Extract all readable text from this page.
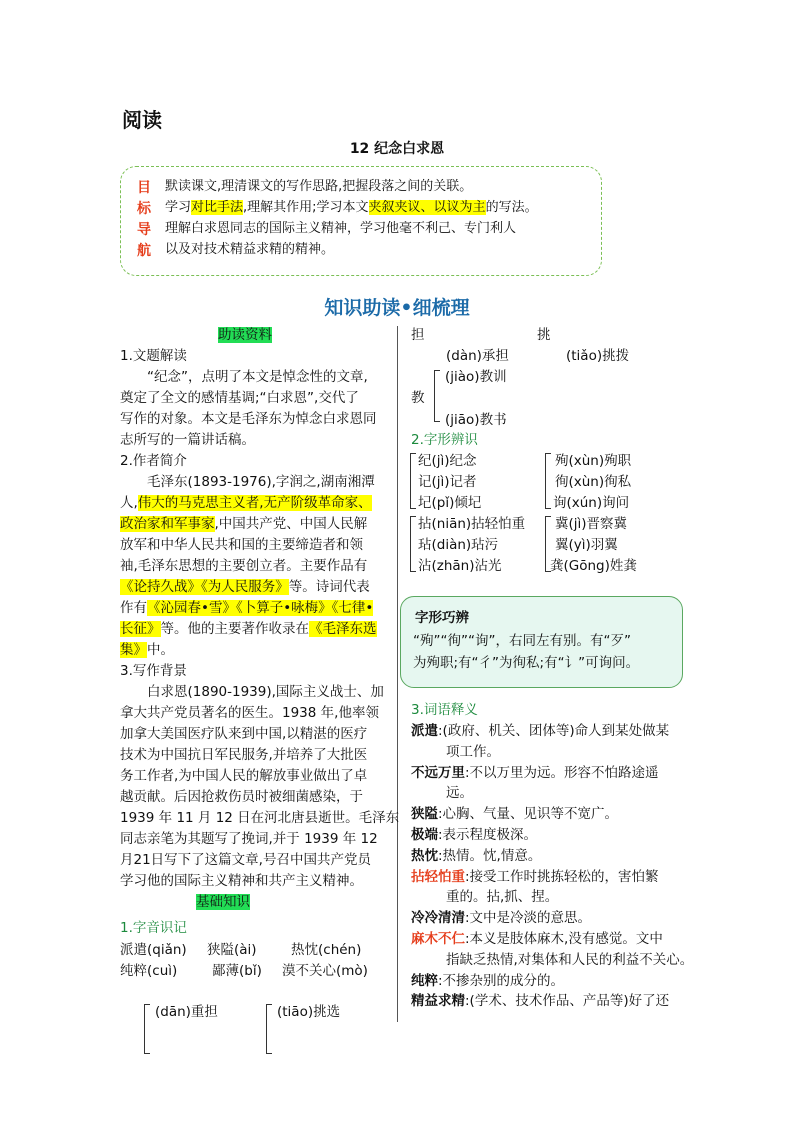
阅读
12 纪念白求恩
目
标
导
航
默读课文,理清课文的写作思路,把握段落之间的关联。
学习对比手法,理解其作用;学习本文夹叙夹议、以议为主的写法。
理解白求恩同志的国际主义精神，学习他毫不利己、专门利人
以及对技术精益求精的精神。
知识助读•细梳理
助读资料
1.文题解读
“纪念”，点明了本文是悼念性的文章,
奠定了全文的感情基调;“白求恩”,交代了
写作的对象。本文是毛泽东为悼念白求恩同
志所写的一篇讲话稿。
2.作者简介
毛泽东(1893-1976),字润之,湖南湘潭
人,伟大的马克思主义者,无产阶级革命家、
政治家和军事家,中国共产党、中国人民解
放军和中华人民共和国的主要缔造者和领
袖,毛泽东思想的主要创立者。主要作品有
《论持久战》《为人民服务》等。诗词代表
作有《沁园春•雪》《卜算子•咏梅》《七律•
长征》等。他的主要著作收录在《毛泽东选
集》中。
3.写作背景
白求恩(1890-1939),国际主义战士、加
拿大共产党员著名的医生。1938 年,他率领
加拿大美国医疗队来到中国,以精湛的医疗
技术为中国抗日军民服务,并培养了大批医
务工作者,为中国人民的解放事业做出了卓
越贡献。后因抢救伤员时被细菌感染，于
1939 年 11 月 12 日在河北唐县逝世。毛泽东
同志亲笔为其题写了挽词,并于 1939 年 12
月21日写下了这篇文章,号召中国共产党员
学习他的国际主义精神和共产主义精神。
基础知识
1.字音识记
派遣(qiǎn) 狭隘(ài)	热忱(chén)
纯粹(cuì)	鄙薄(bǐ) 漠不关心(mò)
(dān)重担	(tiāo)挑选
担	挑
(dàn)承担	(tiǎo)挑拨
(jiào)教训
教
(jiāo)教书
2.字形辨识
纪(jì)纪念
记(jì)记者
圮(pǐ)倾圮
殉(xùn)殉职
徇(xùn)徇私
询(xún)询问
拈(niān)拈轻怕重
玷(diàn)玷污
沾(zhān)沾光
冀(jì)晋察冀
翼(yì)羽翼
龚(Gōng)姓龚
字形巧辨
“殉”“徇”“询”，右同左有别。有“歹”
为殉职;有“彳”为徇私;有“讠”可询问。
3.词语释义
派遣:(政府、机关、团体等)命人到某处做某
项工作。
不远万里:不以万里为远。形容不怕路途遥
远。
狭隘:心胸、气量、见识等不宽广。
极端:表示程度极深。
热忱:热情。忱,情意。
拈轻怕重:接受工作时挑拣轻松的，害怕繁
重的。拈,抓、捏。
冷冷清清:文中是冷淡的意思。
麻木不仁:本义是肢体麻木,没有感觉。文中
指缺乏热情,对集体和人民的利益不关心。
纯粹:不掺杂别的成分的。
精益求精:(学术、技术作品、产品等)好了还
